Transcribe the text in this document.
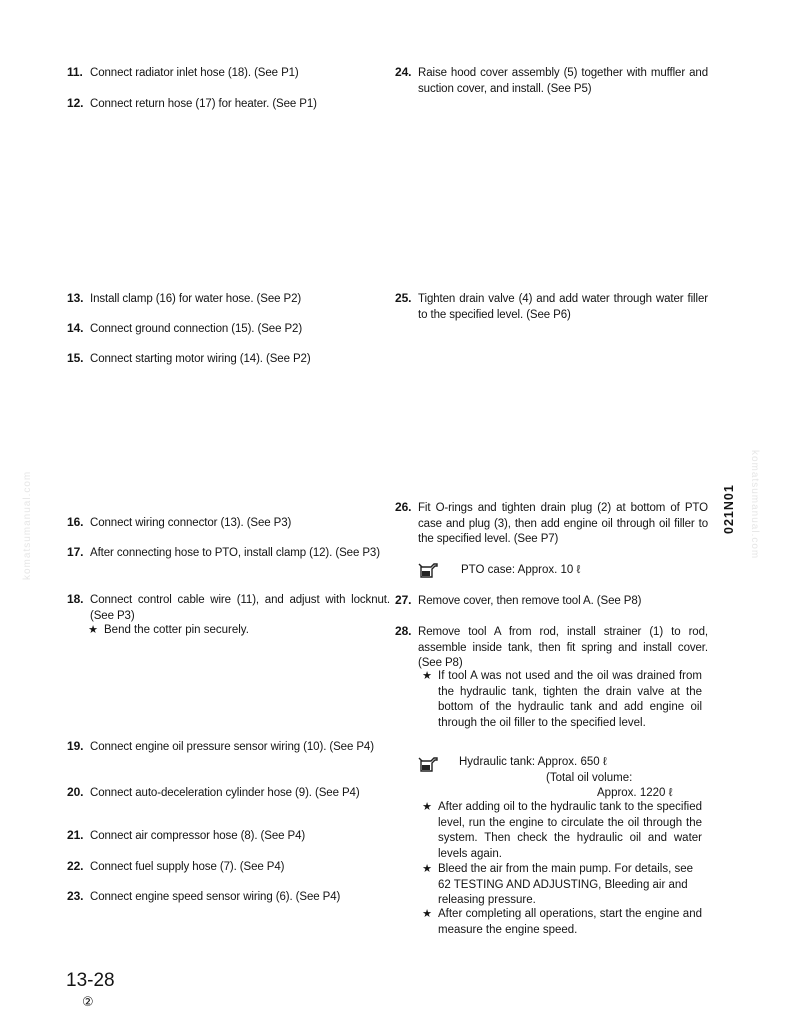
11. Connect radiator inlet hose (18). (See P1)
12. Connect return hose (17) for heater. (See P1)
13. Install clamp (16) for water hose. (See P2)
14. Connect ground connection (15). (See P2)
15. Connect starting motor wiring (14). (See P2)
16. Connect wiring connector (13). (See P3)
17. After connecting hose to PTO, install clamp (12). (See P3)
18. Connect control cable wire (11), and adjust with locknut. (See P3)
★ Bend the cotter pin securely.
19. Connect engine oil pressure sensor wiring (10). (See P4)
20. Connect auto-deceleration cylinder hose (9). (See P4)
21. Connect air compressor hose (8). (See P4)
22. Connect fuel supply hose (7). (See P4)
23. Connect engine speed sensor wiring (6). (See P4)
24. Raise hood cover assembly (5) together with muffler and suction cover, and install. (See P5)
25. Tighten drain valve (4) and add water through water filler to the specified level. (See P6)
26. Fit O-rings and tighten drain plug (2) at bottom of PTO case and plug (3), then add engine oil through oil filler to the specified level. (See P7)
PTO case: Approx. 10 ℓ
27. Remove cover, then remove tool A. (See P8)
28. Remove tool A from rod, install strainer (1) to rod, assemble inside tank, then fit spring and install cover. (See P8)
★ If tool A was not used and the oil was drained from the hydraulic tank, tighten the drain valve at the bottom of the hydraulic tank and add engine oil through the oil filler to the specified level.
Hydraulic tank: Approx. 650 ℓ
(Total oil volume:
Approx. 1220 ℓ
★ After adding oil to the hydraulic tank to the specified level, run the engine to circulate the oil through the system. Then check the hydraulic oil and water levels again.
★ Bleed the air from the main pump. For details, see 62 TESTING AND ADJUSTING, Bleeding air and releasing pressure.
★ After completing all operations, start the engine and measure the engine speed.
021N01
komatsumanual.com	komatsumanual.com
13-28
②
